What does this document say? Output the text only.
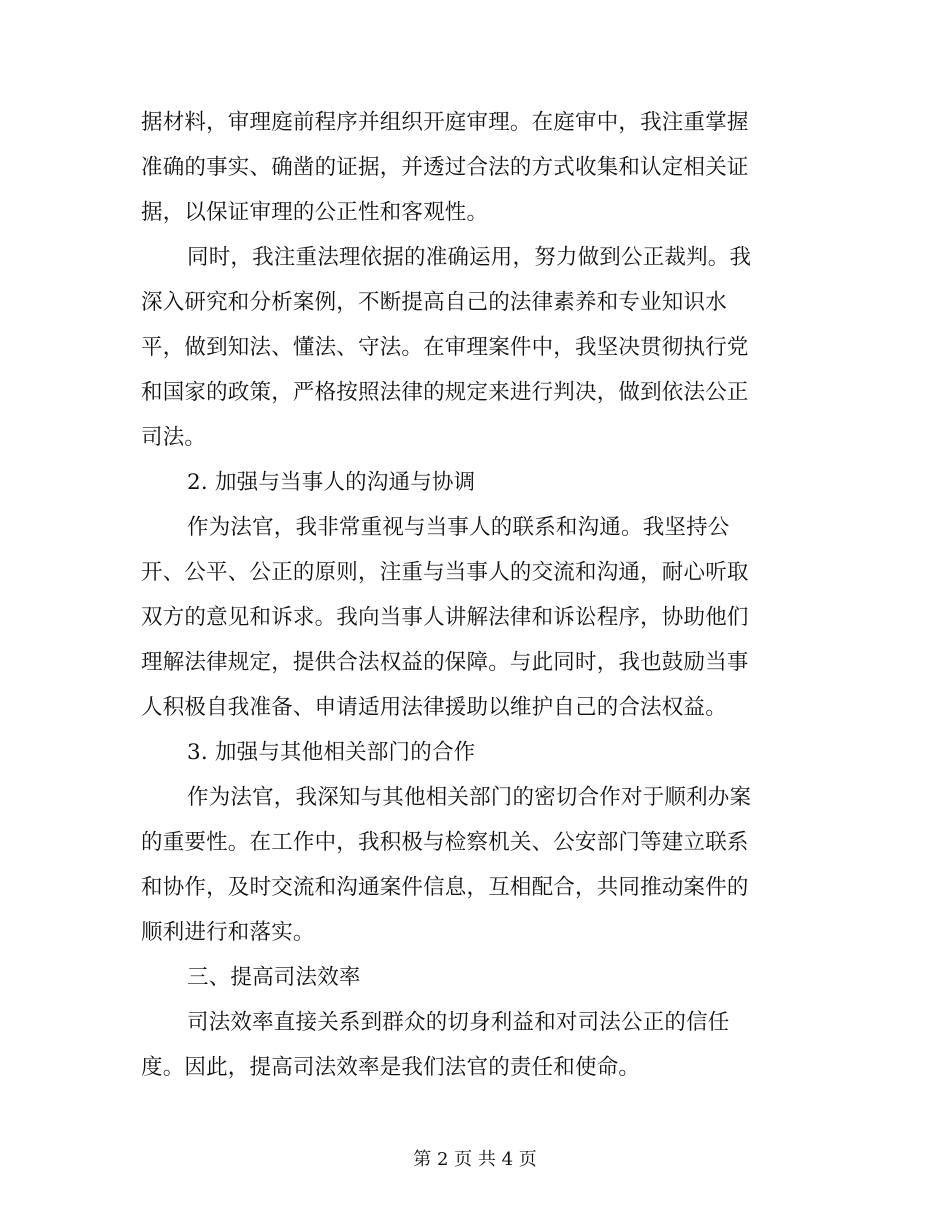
据材料，审理庭前程序并组织开庭审理。在庭审中，我注重掌握
准确的事实、确凿的证据，并透过合法的方式收集和认定相关证
据，以保证审理的公正性和客观性。
同时，我注重法理依据的准确运用，努力做到公正裁判。我
深入研究和分析案例，不断提高自己的法律素养和专业知识水
平，做到知法、懂法、守法。在审理案件中，我坚决贯彻执行党
和国家的政策，严格按照法律的规定来进行判决，做到依法公正
司法。
2. 加强与当事人的沟通与协调
作为法官，我非常重视与当事人的联系和沟通。我坚持公
开、公平、公正的原则，注重与当事人的交流和沟通，耐心听取
双方的意见和诉求。我向当事人讲解法律和诉讼程序，协助他们
理解法律规定，提供合法权益的保障。与此同时，我也鼓励当事
人积极自我准备、申请适用法律援助以维护自己的合法权益。
3. 加强与其他相关部门的合作
作为法官，我深知与其他相关部门的密切合作对于顺利办案
的重要性。在工作中，我积极与检察机关、公安部门等建立联系
和协作，及时交流和沟通案件信息，互相配合，共同推动案件的
顺利进行和落实。
三、提高司法效率
司法效率直接关系到群众的切身利益和对司法公正的信任
度。因此，提高司法效率是我们法官的责任和使命。
第 2 页 共 4 页
